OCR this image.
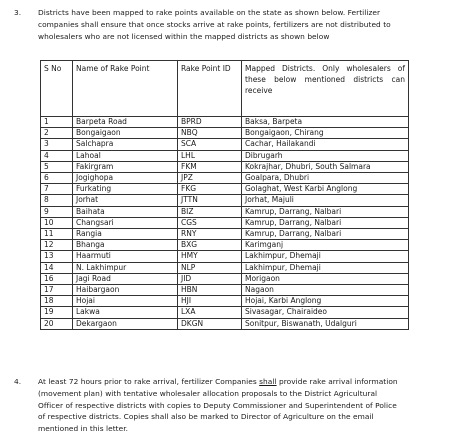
3. Districts have been mapped to rake points available on the state as shown below. Fertilizer
companies shall ensure that once stocks arrive at rake points, fertilizers are not distributed to
wholesalers who are not licensed within the mapped districts as shown below
S No	Name of Rake Point	Rake Point ID	Mapped Districts. Only wholesalers of these below mentioned districts can receive
1	Barpeta Road	BPRD	Baksa, Barpeta
2	Bongaigaon	NBQ	Bongaigaon, Chirang
3	Salchapra	SCA	Cachar, Hailakandi
4	Lahoal	LHL	Dibrugarh
5	Fakirgram	FKM	Kokrajhar, Dhubri, South Salmara
6	Jogighopa	JPZ	Goalpara, Dhubri
7	Furkating	FKG	Golaghat, West Karbi Anglong
8	Jorhat	JTTN	Jorhat, Majuli
9	Baihata	BIZ	Kamrup, Darrang, Nalbari
10	Changsari	CGS	Kamrup, Darrang, Nalbari
11	Rangia	RNY	Kamrup, Darrang, Nalbari
12	Bhanga	BXG	Karimganj
13	Haarmuti	HMY	Lakhimpur, Dhemaji
14	N. Lakhimpur	NLP	Lakhimpur, Dhemaji
16	Jagi Road	JID	Morigaon
17	Haibargaon	HBN	Nagaon
18	Hojai	HJI	Hojai, Karbi Anglong
19	Lakwa	LXA	Sivasagar, Chairaideo
20	Dekargaon	DKGN	Sonitpur, Biswanath, Udalguri
4. At least 72 hours prior to rake arrival, fertilizer Companies shall provide rake arrival information
(movement plan) with tentative wholesaler allocation proposals to the District Agricultural
Officer of respective districts with copies to Deputy Commissioner and Superintendent of Police
of respective districts. Copies shall also be marked to Director of Agriculture on the email
mentioned in this letter.
